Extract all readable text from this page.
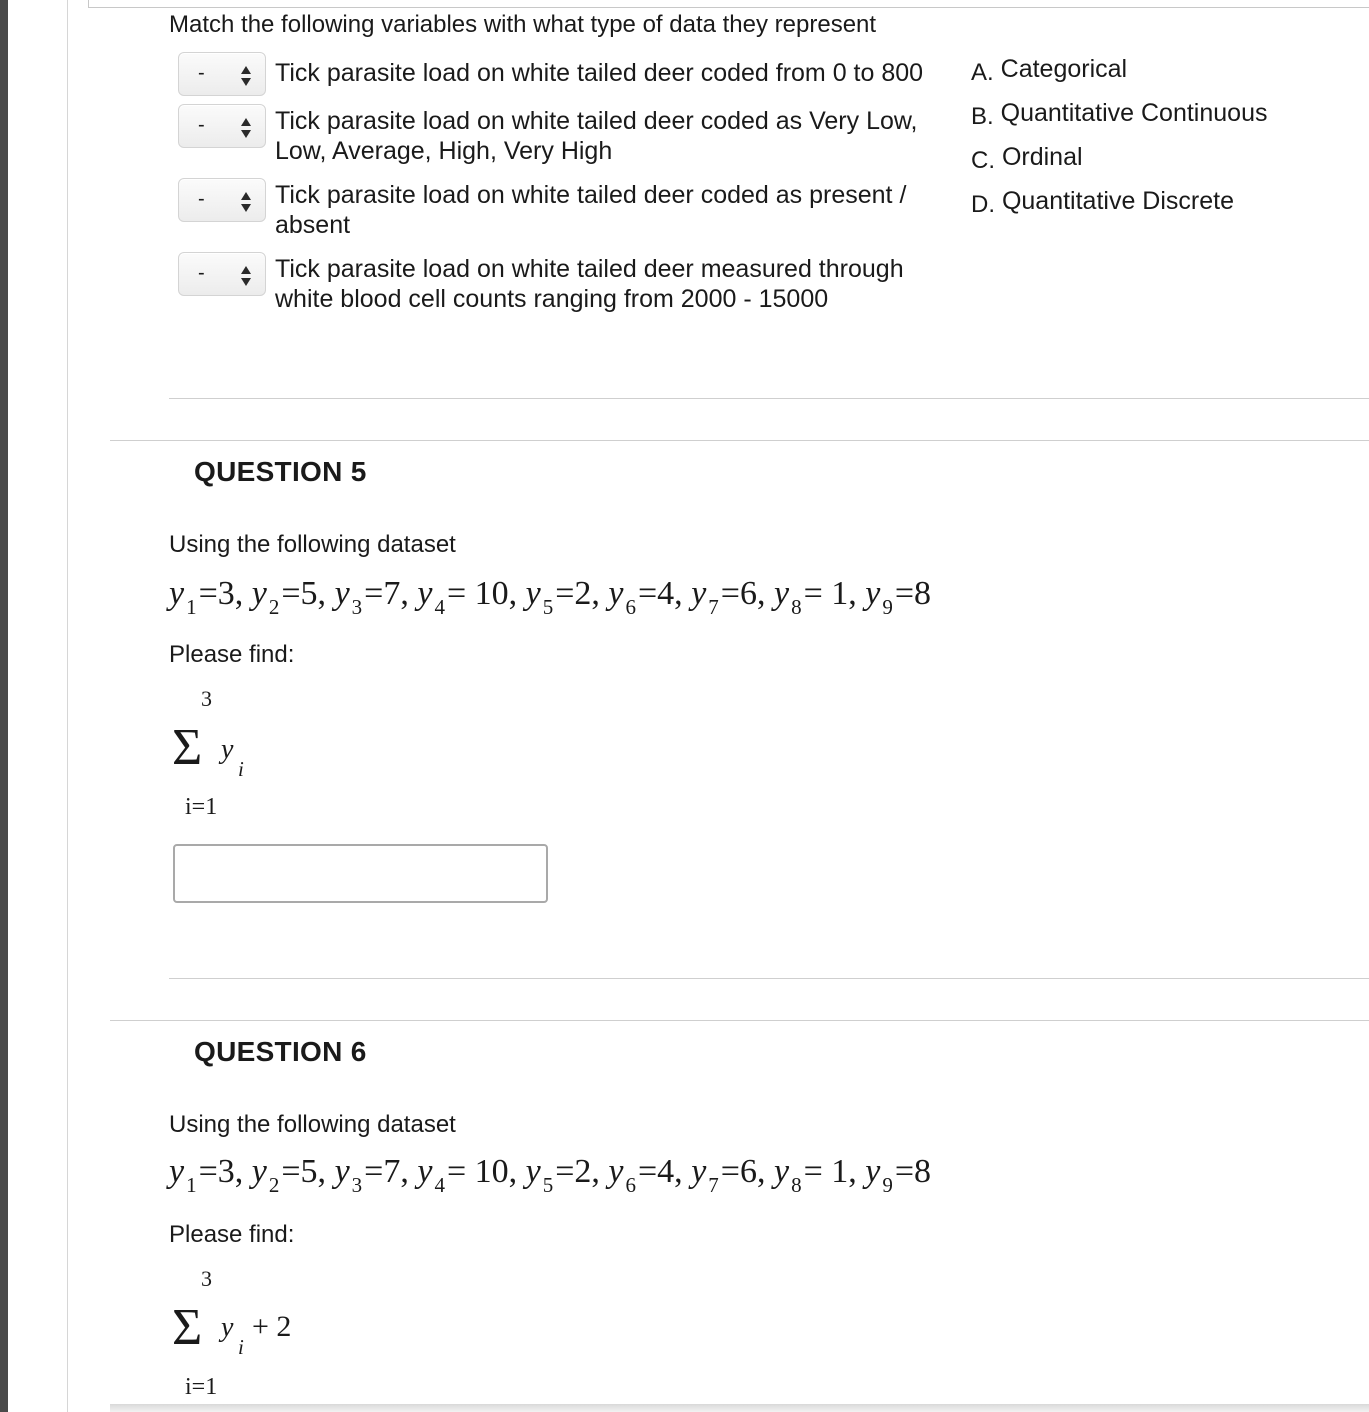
Match the following variables with what type of data they represent
-	Tick parasite load on white tailed deer coded from 0 to 800
-	Tick parasite load on white tailed deer coded as Very Low,
Low, Average, High, Very High
-	Tick parasite load on white tailed deer coded as present /
absent
-	Tick parasite load on white tailed deer measured through
white blood cell counts ranging from 2000 - 15000
A. Categorical
B. Quantitative Continuous
C. Ordinal
D. Quantitative Discrete
QUESTION 5
Using the following dataset
$y_1=3$, $y_2=5$, $y_3=7$, $y_4= 10$, $y_5=2$, $y_6=4$, $y_7=6$, $y_8= 1$, $y_9=8$
Please find:
3
Σ y
i
i=1
QUESTION 6
Using the following dataset
$y_1=3$, $y_2=5$, $y_3=7$, $y_4= 10$, $y_5=2$, $y_6=4$, $y_7=6$, $y_8= 1$, $y_9=8$
Please find:
3
Σ y
i
+ 2
i=1
